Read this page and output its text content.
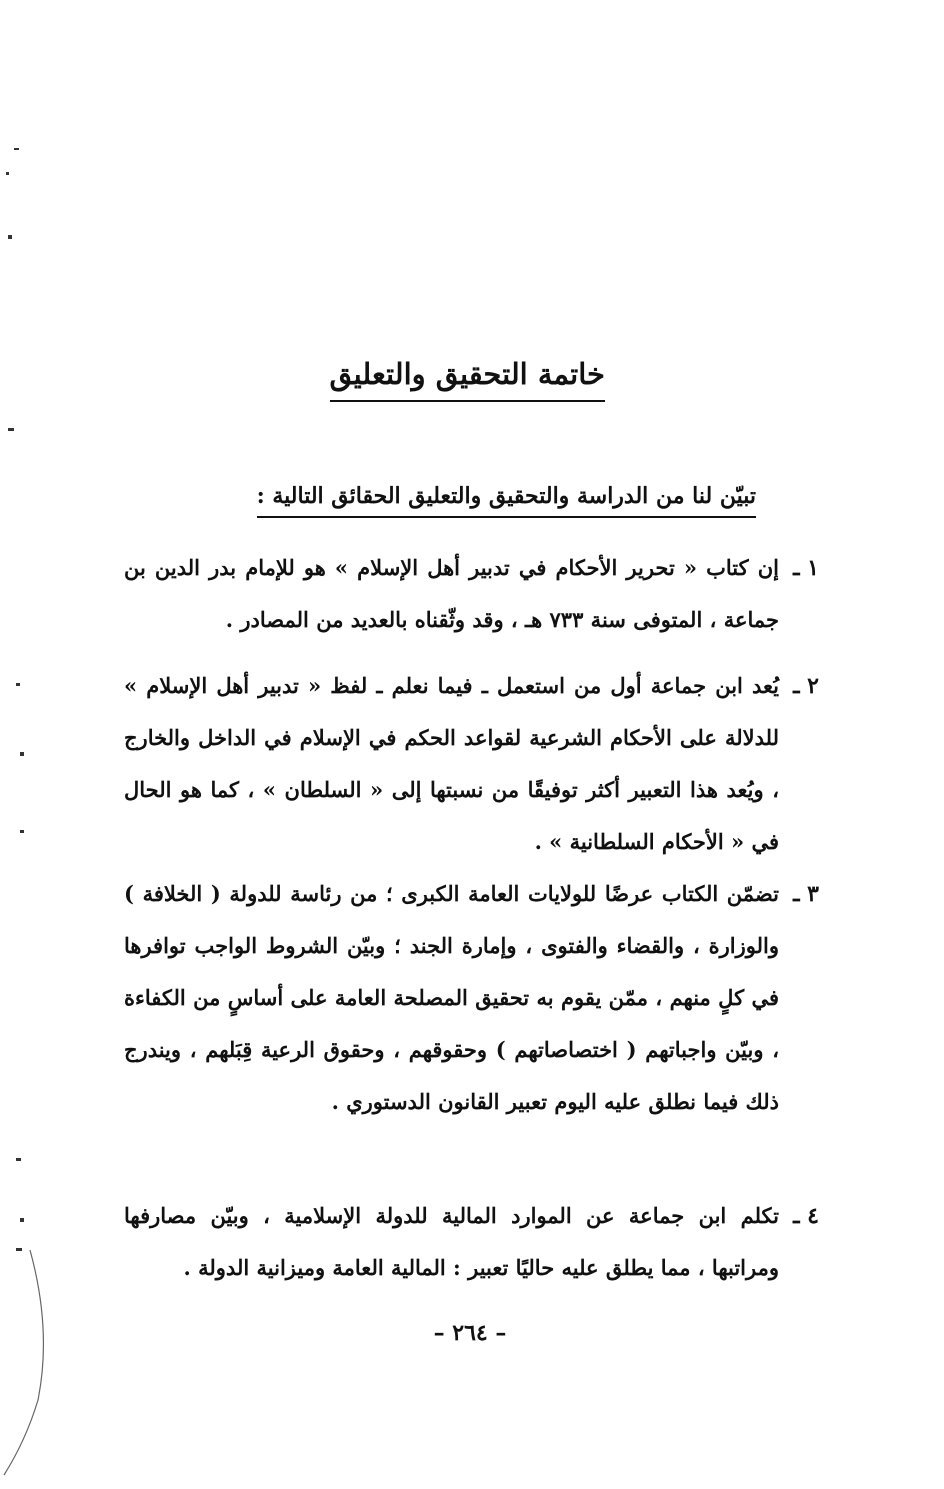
خاتمة التحقيق والتعليق
تبيّن لنا من الدراسة والتحقيق والتعليق الحقائق التالية :
١ ـ
إن كتاب « تحرير الأحكام في تدبير أهل الإسلام » هو للإمام بدر الدين بن جماعة ، المتوفى سنة ٧٣٣ هـ ، وقد وثّقناه بالعديد من المصادر .
٢ ـ
يُعد ابن جماعة أول من استعمل ـ فيما نعلم ـ لفظ « تدبير أهل الإسلام » للدلالة على الأحكام الشرعية لقواعد الحكم في الإسلام في الداخل والخارج ، ويُعد هذا التعبير أكثر توفيقًا من نسبتها إلى « السلطان » ، كما هو الحال في « الأحكام السلطانية » .
٣ ـ
تضمّن الكتاب عرضًا للولايات العامة الكبرى ؛ من رئاسة للدولة ( الخلافة ) والوزارة ، والقضاء والفتوى ، وإمارة الجند ؛ وبيّن الشروط الواجب توافرها في كلٍ منهم ، ممّن يقوم به تحقيق المصلحة العامة على أساسٍ من الكفاءة ، وبيّن واجباتهم ( اختصاصاتهم ) وحقوقهم ، وحقوق الرعية قِبَلهم ، ويندرج ذلك فيما نطلق عليه اليوم تعبير القانون الدستوري .
٤ ـ
تكلم ابن جماعة عن الموارد المالية للدولة الإسلامية ، وبيّن مصارفها ومراتبها ، مما يطلق عليه حاليًا تعبير : المالية العامة وميزانية الدولة .
– ٢٦٤ –
